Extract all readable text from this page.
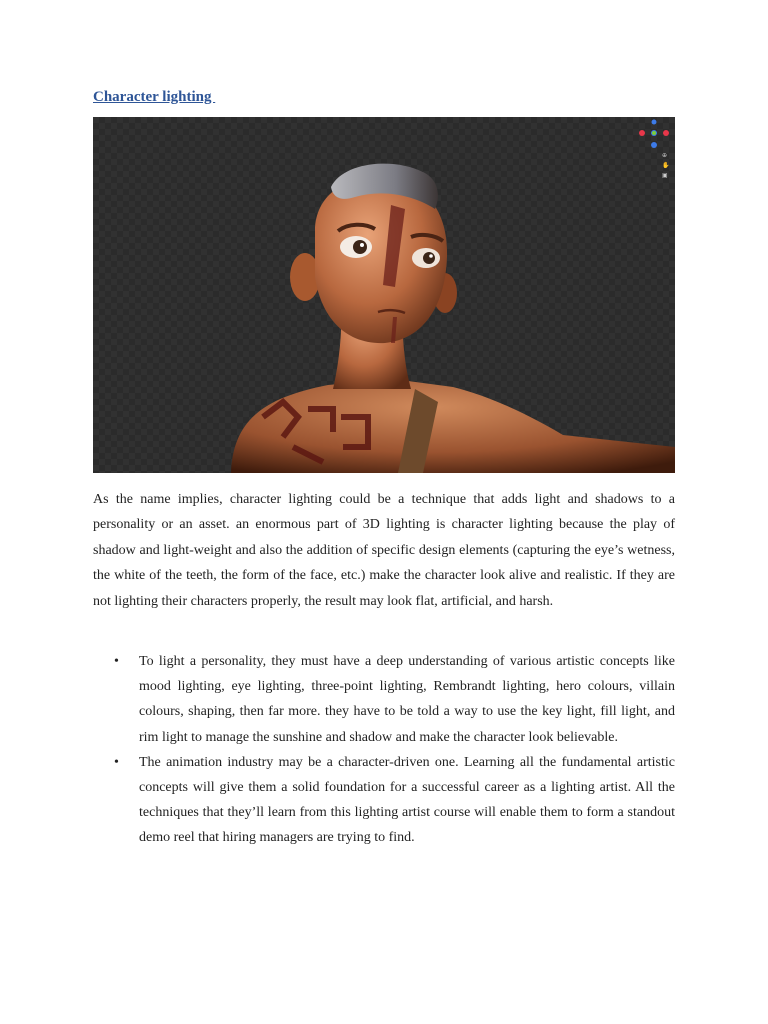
Character lighting
⊕
✋
▣

As the name implies, character lighting could be a technique that adds light and shadows to a personality or an asset. an enormous part of 3D lighting is character lighting because the play of shadow and light-weight and also the addition of specific design elements (capturing the eye’s wetness, the white of the teeth, the form of the face, etc.) make the character look alive and realistic. If they are not lighting their characters properly, the result may look flat, artificial, and harsh.

• To light a personality, they must have a deep understanding of various artistic concepts like mood lighting, eye lighting, three-point lighting, Rembrandt lighting, hero colours, villain colours, shaping, then far more. they have to be told a way to use the key light, fill light, and rim light to manage the sunshine and shadow and make the character look believable.
• The animation industry may be a character-driven one. Learning all the fundamental artistic concepts will give them a solid foundation for a successful career as a lighting artist. All the techniques that they’ll learn from this lighting artist course will enable them to form a standout demo reel that hiring managers are trying to find.
